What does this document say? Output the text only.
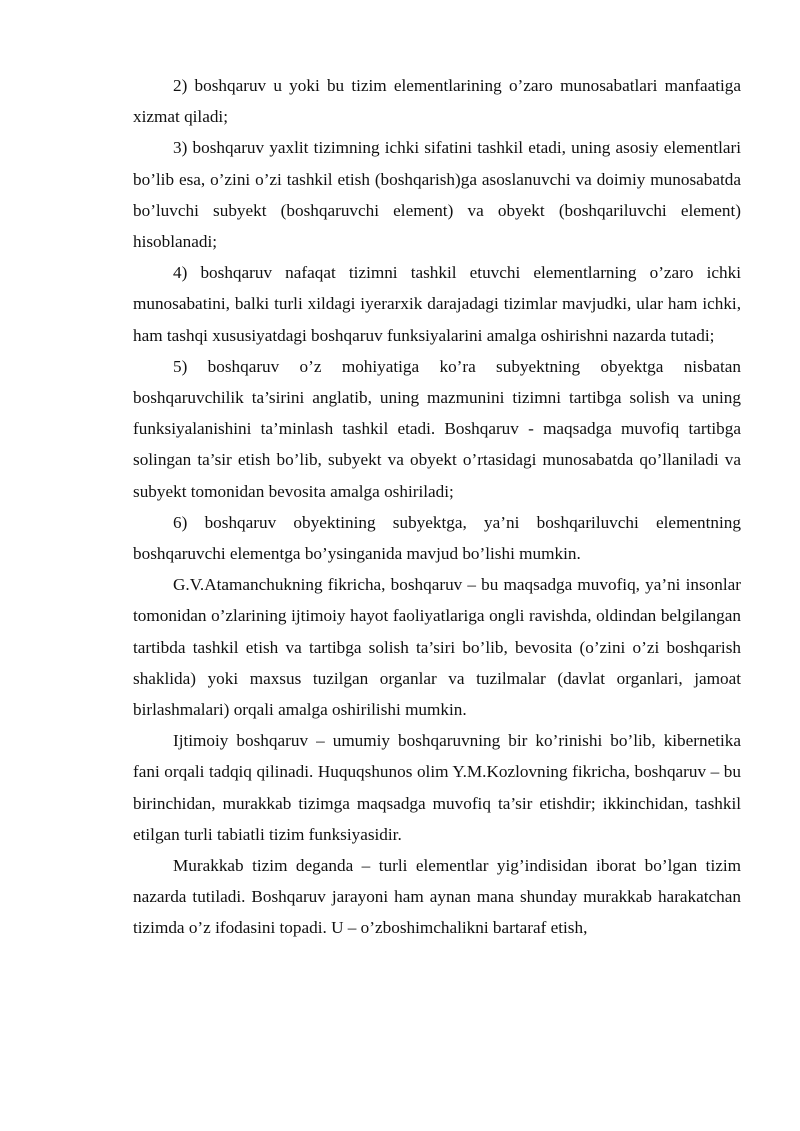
2) boshqaruv u yoki bu tizim elementlarining o’zaro munosabatlari manfaatiga xizmat qiladi;

3) boshqaruv yaxlit tizimning ichki sifatini tashkil etadi, uning asosiy elementlari bo’lib esa, o’zini o’zi tashkil etish (boshqarish)ga asoslanuvchi va doimiy munosabatda bo’luvchi subyekt (boshqaruvchi element) va obyekt (boshqariluvchi element) hisoblanadi;

4) boshqaruv nafaqat tizimni tashkil etuvchi elementlarning o’zaro ichki munosabatini, balki turli xildagi iyerarxik darajadagi tizimlar mavjudki, ular ham ichki, ham tashqi xususiyatdagi boshqaruv funksiyalarini amalga oshirishni nazarda tutadi;

5) boshqaruv o’z mohiyatiga ko’ra subyektning obyektga nisbatan boshqaruvchilik ta’sirini anglatib, uning mazmunini tizimni tartibga solish va uning funksiyalanishini ta’minlash tashkil etadi. Boshqaruv - maqsadga muvofiq tartibga solingan ta’sir etish bo’lib, subyekt va obyekt o’rtasidagi munosabatda qo’llaniladi va subyekt tomonidan bevosita amalga oshiriladi;

6) boshqaruv obyektining subyektga, ya’ni boshqariluvchi elementning boshqaruvchi elementga bo’ysinganida mavjud bo’lishi mumkin.

G.V.Atamanchukning fikricha, boshqaruv – bu maqsadga muvofiq, ya’ni insonlar tomonidan o’zlarining ijtimoiy hayot faoliyatlariga ongli ravishda, oldindan belgilangan tartibda tashkil etish va tartibga solish ta’siri bo’lib, bevosita (o’zini o’zi boshqarish shaklida) yoki maxsus tuzilgan organlar va tuzilmalar (davlat organlari, jamoat birlashmalari) orqali amalga oshirilishi mumkin.

Ijtimoiy boshqaruv – umumiy boshqaruvning bir ko’rinishi bo’lib, kibernetika fani orqali tadqiq qilinadi. Huquqshunos olim Y.M.Kozlovning fikricha, boshqaruv – bu birinchidan, murakkab tizimga maqsadga muvofiq ta’sir etishdir; ikkinchidan, tashkil etilgan turli tabiatli tizim funksiyasidir.

Murakkab tizim deganda – turli elementlar yig’indisidan iborat bo’lgan tizim nazarda tutiladi. Boshqaruv jarayoni ham aynan mana shunday murakkab harakatchan tizimda o’z ifodasini topadi. U – o’zboshimchalikni bartaraf etish,
